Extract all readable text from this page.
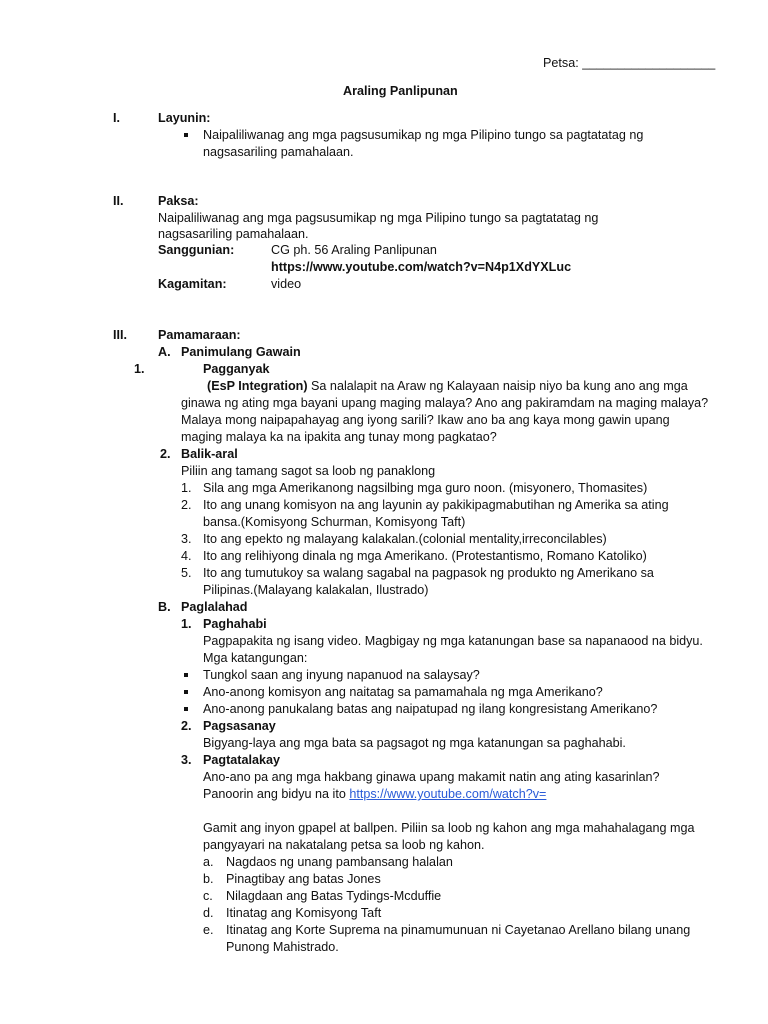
Petsa: ___________________
Araling Panlipunan
I.	Layunin:
Naipaliliwanag ang mga pagsusumikap ng mga Pilipino tungo sa pagtatatag ng
nagsasariling pamahalaan.
II.	Paksa:
Naipaliliwanag ang mga pagsusumikap ng mga Pilipino tungo sa pagtatatag ng
nagsasariling pamahalaan.
Sanggunian:	CG ph. 56 Araling Panlipunan
https://www.youtube.com/watch?v=N4p1XdYXLuc
Kagamitan:	video
III. Pamamaraan:
A. Panimulang Gawain
1.	Pagganyak
(EsP Integration) Sa nalalapit na Araw ng Kalayaan naisip niyo ba kung ano ang mga
ginawa ng ating mga bayani upang maging malaya? Ano ang pakiramdam na maging malaya?
Malaya mong naipapahayag ang iyong sarili? Ikaw ano ba ang kaya mong gawin upang
maging malaya ka na ipakita ang tunay mong pagkatao?
2. Balik-aral
Piliin ang tamang sagot sa loob ng panaklong
1. Sila ang mga Amerikanong nagsilbing mga guro noon. (misyonero, Thomasites)
2. Ito ang unang komisyon na ang layunin ay pakikipagmabutihan ng Amerika sa ating
bansa.(Komisyong Schurman, Komisyong Taft)
3. Ito ang epekto ng malayang kalakalan.(colonial mentality,irreconcilables)
4. Ito ang relihiyong dinala ng mga Amerikano. (Protestantismo, Romano Katoliko)
5. Ito ang tumutukoy sa walang sagabal na pagpasok ng produkto ng Amerikano sa
Pilipinas.(Malayang kalakalan, Ilustrado)
B. Paglalahad
1. Paghahabi
Pagpapakita ng isang video. Magbigay ng mga katanungan base sa napanaood na bidyu.
Mga katangungan:
Tungkol saan ang inyung napanuod na salaysay?
Ano-anong komisyon ang naitatag sa pamamahala ng mga Amerikano?
Ano-anong panukalang batas ang naipatupad ng ilang kongresistang Amerikano?
2. Pagsasanay
Bigyang-laya ang mga bata sa pagsagot ng mga katanungan sa paghahabi.
3. Pagtatalakay
Ano-ano pa ang mga hakbang ginawa upang makamit natin ang ating kasarinlan?
Panoorin ang bidyu na ito https://www.youtube.com/watch?v=
Gamit ang inyon gpapel at ballpen. Piliin sa loob ng kahon ang mga mahahalagang mga
pangyayari na nakatalang petsa sa loob ng kahon.
a. Nagdaos ng unang pambansang halalan
b. Pinagtibay ang batas Jones
c. Nilagdaan ang Batas Tydings-Mcduffie
d. Itinatag ang Komisyong Taft
e. Itinatag ang Korte Suprema na pinamumunuan ni Cayetanao Arellano bilang unang
Punong Mahistrado.
